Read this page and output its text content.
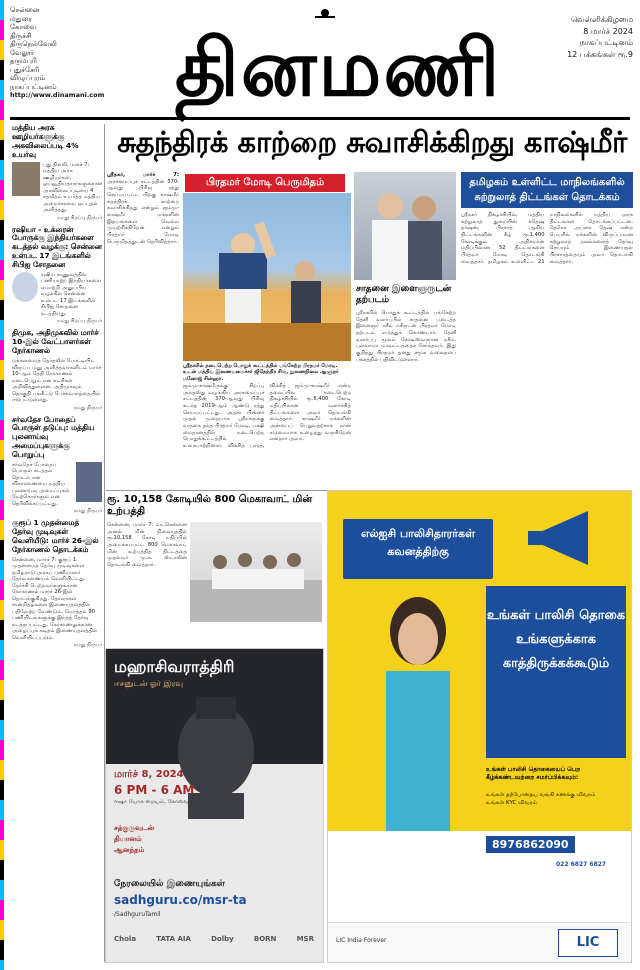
சென்னை
மதுரை
கோவை
திருச்சி
திருநெல்வேலி
வேலூர்
தருமபுரி
புதுச்சேரி
விழுப்புரம்
நாகப்பட்டினம்
http://www.dinamani.com தினமணி
வெள்ளிக்கிழமை
8 மார்ச் 2024
நாகப்பட்டினம்
12 பக்கங்கள் ரூ.9
மத்திய அரசு ஊழியர்களுக்கு அகவிலைப்படி 4% உயர்வு
புது தில்லி, மார்ச் 7: மத்திய அரசு ஊழியர்கள், ஓய்வூதியதாரர்களுக்கான அகவிலைப்படியை 4 சதவீதம் உயர்த்த மத்திய அமைச்சரவை ஒப்புதல் அளித்தது.
நமது சிறப்பு நிருபர்
ரஷியா - உக்ரைன் போருக்கு இந்தியர்களை கடத்தல் வழக்கு: சென்னை உள்பட 17 இடங்களில் சிபிஐ சோதனை
ரஷிய ராணுவத்தில் பணியாற்ற இந்தியர்களை ஏமாற்றி அனுப்பிய வழக்கில் சென்னை உள்பட 17 இடங்களில் சிபிஐ சோதனை நடத்தியது.
நமது சிறப்பு நிருபர்
திமுக, அதிமுகவில் மார்ச் 10-இல் வேட்பாளர்கள் நேர்காணல்
மக்களவைத் தேர்தலில் போட்டியிட விருப்ப மனு அளித்தவர்களிடம் மார்ச் 10-ஆம் தேதி நேர்காணல் நடைபெறும் என கட்சிகள் அறிவித்துள்ளன. அதிமுகவும் தொகுதி பங்கீட்டு பேச்சுவார்த்தையில் ஈடுபட்டுள்ளது.
நமது நிருபர்
சர்வதேச போதைப் பொருள் தடுப்பு: மத்திய புலனாய்வு அமைப்புகளுக்கு பொறுப்பு
சர்வதேச போதைப் பொருள் கடத்தல் தொடர்பான விசாரணையை மத்திய புலனாய்வு அமைப்புகள் மேற்கொள்ளும் என தெரிவிக்கப்பட்டது.
நமது நிருபர்
குரூப் 1 முதன்மைத் தேர்வு முடிவுகள் வெளியீடு: மார்ச் 26-இல் நேர்காணல் தொடக்கம்
சென்னை, மார்ச் 7: குரூப் 1 முதன்மைத் தேர்வு முடிவுகளை தமிழ்நாடு அரசுப் பணியாளர் தேர்வாணையம் வெளியிட்டது. தேர்ச்சி பெற்றவர்களுக்கான நேர்காணல் மார்ச் 26-இல் தொடங்குகிறது. தேர்வர்கள் சான்றிதழ்களை இணையதளத்தில் பதிவேற்ற வேண்டும். மொத்தம் 90 பணியிடங்களுக்கு இந்தத் தேர்வு நடத்தப்பட்டது. நேர்காணலுக்கான அழைப்புக் கடிதம் இணையதளத்தில் வெளியிடப்படும்.
நமது நிருபர்
சுதந்திரக் காற்றை சுவாசிக்கிறது காஷ்மீர்
பிரதமர் மோடி பெருமிதம்
ஸ்ரீநகர், மார்ச் 7: அரசமைப்புச் சட்டத்தின் 370-ஆவது பிரிவு ரத்து செய்யப்பட்ட பிறகு காஷ்மீர் சுதந்திரக் காற்றை சுவாசிக்கிறது என்றும் ஜம்மு-காஷ்மீர் மக்களின் இதயங்களை வெல்ல முயற்சிக்கிறேன் என்றும் பிரதமர் மோடி பெருமிதத்துடன் தெரிவித்தார்.
ஸ்ரீநகரில் நடைபெற்ற பொதுக் கூட்டத்தில் பங்கேற்ற பிரதமர் மோடி. உடன் மத்திய இணையமைச்சர் ஜிதேந்திர சிங், துணைநிலை ஆளுநர் மனோஜ் சின்ஹா.
ஜம்மு-காஷ்மீருக்கு சிறப்பு அந்தஸ்து வழங்கிய அரசமைப்புச் சட்டத்தின் 370-ஆவது பிரிவு கடந்த 2019-ஆம் ஆண்டு ரத்து செய்யப்பட்டது. அதன் பின்னர் முதல் முறையாக ஸ்ரீநகருக்கு வருகை தந்த பிரதமர் மோடி, பக்ஷி மைதானத்தில் நடைபெற்ற பொதுக்கூட்டத்தில் உரையாற்றினார். விக்சித் பாரத், விக்சித் ஜம்மு-காஷ்மீர் என்ற தலைப்பில் நடைபெற்ற நிகழ்ச்சியில் ரூ.6,400 கோடி மதிப்பிலான வளர்ச்சித் திட்டங்களை அவர் தொடங்கி வைத்தார். காஷ்மீர் மக்களின் அன்பைப் பெறுவதற்காக நான் கடுமையாக உழைத்து வருகிறேன் என்றார் அவர்.
சாதனை இளைஞருடன் தற்படம்
ஸ்ரீநகரில் பொதுக் கூட்டத்தில் பங்கேற்ற தேனீ வளர்ப்பில் சாதனை படைத்த இளைஞர் நசீம் நசீருடன் பிரதமர் மோடி தற்படம் எடுத்துக் கொண்டார். தேனீ வளர்ப்பு மூலம் கோடீஸ்வரரான நசீம், புல்வாமா மாவட்டத்தைச் சேர்ந்தவர். இது குறித்து பிரதமர் தனது சமூக வலைதளப் பக்கத்தில் பதிவிட்டுள்ளார்.
தமிழகம் உள்ளிட்ட மாநிலங்களில் சுற்றுலாத் திட்டங்கள் தொடக்கம்
ஸ்ரீநகர் நிகழ்ச்சியில், மத்திய சுற்றுலாத் துறையின் சுதேஷ் தர்ஷன், பிரசாத் ஆகிய திட்டங்களின் கீழ் ரூ.1,400 கோடிக்கும் அதிகமான மதிப்பிலான 52 திட்டங்களை பிரதமர் மோடி தொடங்கி வைத்தார். தமிழகம் உள்ளிட்ட 21 மாநிலங்களில் மத்திய அரசு திட்டங்கள் தொடங்கப்பட்டன. தேகோ அப்னா தேஷ் என்ற பெயரில் மக்களின் விருப்பமான சுற்றுலாத் தலங்களைத் தேர்வு செய்யும் இணையதள பிரசாரத்தையும் அவர் தொடங்கி வைத்தார்.
ரூ. 10,158 கோடியில் 800 மெகாவாட் மின் உற்பத்தி
சென்னை, மார்ச் 7: வடசென்னை அனல் மின் நிலையத்தில் ரூ.10,158 கோடி மதிப்பில் அமைக்கப்பட்ட 800 மெகாவாட் மின் உற்பத்தித் திட்டத்தை முதல்வர் மு.க. ஸ்டாலின் தொடங்கி வைத்தார்.
மஹாசிவராத்திரி
ஈசனுடன் ஓர் இரவு
மார்ச் 8, 2024
6 PM - 6 AM
ஈஷா யோக மையம், கோவை
சத்குருவுடன்
தியானம்
ஆனந்தம்
நேரலையில் இணையுங்கள்
sadhguru.co/msr-ta
/SadhguruTamil
Chola	TATA AIA	Dolby	BORN	MSR
எல்ஐசி பாலிசிதாரர்கள் கவனத்திற்கு
உங்கள் பாலிசி தொகை உங்களுக்காக காத்திருக்கக்கூடும்
உங்கள் பாலிசி தொகையைப் பெற கீழ்க்கண்டவற்றை சமர்ப்பிக்கவும்:
உங்கள் தற்போதைய வங்கி கணக்கு விவரம்
உங்கள் KYC விவரம்
8976862090
022 6827 6827
LIC
LIC India Forever
